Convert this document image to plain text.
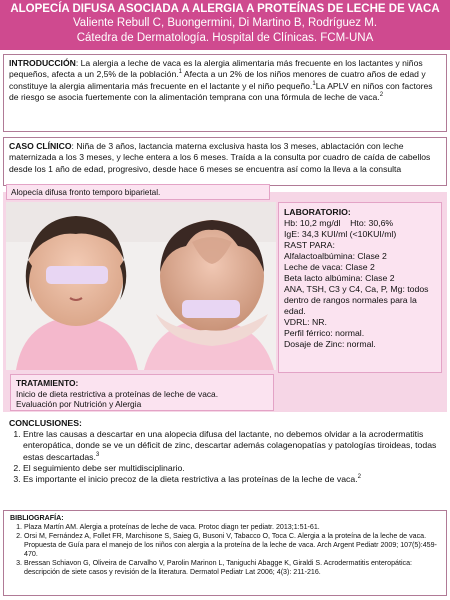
ALOPECÍA DIFUSA ASOCIADA A ALERGIA A PROTEÍNAS DE LECHE DE VACA
Valiente Rebull C, Buongermini, Di Martino B, Rodríguez M.
Cátedra de Dermatología. Hospital de Clínicas. FCM-UNA
INTRODUCCIÓN: La alergia a leche de vaca es la alergia alimentaria más frecuente en los lactantes y niños pequeños, afecta a un 2,5% de la población.$^1$ Afecta a un 2% de los niños menores de cuatro años de edad y constituye la alergia alimentaria más frecuente en el lactante y el niño pequeño.$^1$La APLV en niños con factores de riesgo se asocia fuertemente con la alimentación temprana con una fórmula de leche de vaca.$^2$
CASO CLÍNICO: Niña de 3 años, lactancia materna exclusiva hasta los 3 meses, ablactación con leche maternizada a los 3 meses, y leche entera a los 6 meses. Traída a la consulta por cuadro de caída de cabellos desde los 1 año de edad, progresivo, desde hace 6 meses se encuentra así como la lleva a la consulta
Alopecía difusa fronto temporo biparietal.
LABORATORIO:
Hb: 10,2 mg/dl    Hto: 30,6%
IgE: 34,3 KUI/ml (<10KUI/ml)
RAST PARA:
Alfalactoalbúmina: Clase 2
Leche de vaca: Clase 2
Beta lacto albúmina: Clase 2
ANA, TSH, C3 y C4, Ca, P, Mg: todos dentro de rangos normales para la edad.
VDRL: NR.
Perfil férrico: normal.
Dosaje de Zinc: normal.
TRATAMIENTO:
Inicio de dieta restrictiva a proteínas de leche de vaca.
Evaluación por Nutrición y Alergia
CONCLUSIONES:
1. Entre las causas a descartar en una alopecia difusa del lactante, no debemos olvidar a la acrodermatitis enteropática, donde se ve un déficit de zinc, descartar además colagenopatías y patologías tiroideas, todas estas descartadas.$^3$
2. El seguimiento debe ser multidisciplinario.
3. Es importante el inicio precoz de la dieta restrictiva a las proteínas de la leche de vaca.$^2$
BIBLIOGRAFÍA:
1. Plaza Martín AM. Alergia a proteínas de leche de vaca. Protoc diagn ter pediatr. 2013;1:51-61.
2. Orsi M, Fernández A, Follet FR, Marchisone S, Saieg G, Busoni V, Tabacco O, Toca C. Alergia a la proteína de la leche de vaca. Propuesta de Guía para el manejo de los niños con alergia a la proteína de la leche de vaca. Arch Argent Pediatr 2009; 107(5):459-470.
3. Bressan Schiavon G, Oliveira de Carvalho V, Parolin Marinon L, Taniguchi Abagge K, Giraldi S. Acrodermatitis enteropática: descripción de siete casos y revisión de la literatura. Dermatol Pediatr Lat 2006; 4(3): 211-216.
